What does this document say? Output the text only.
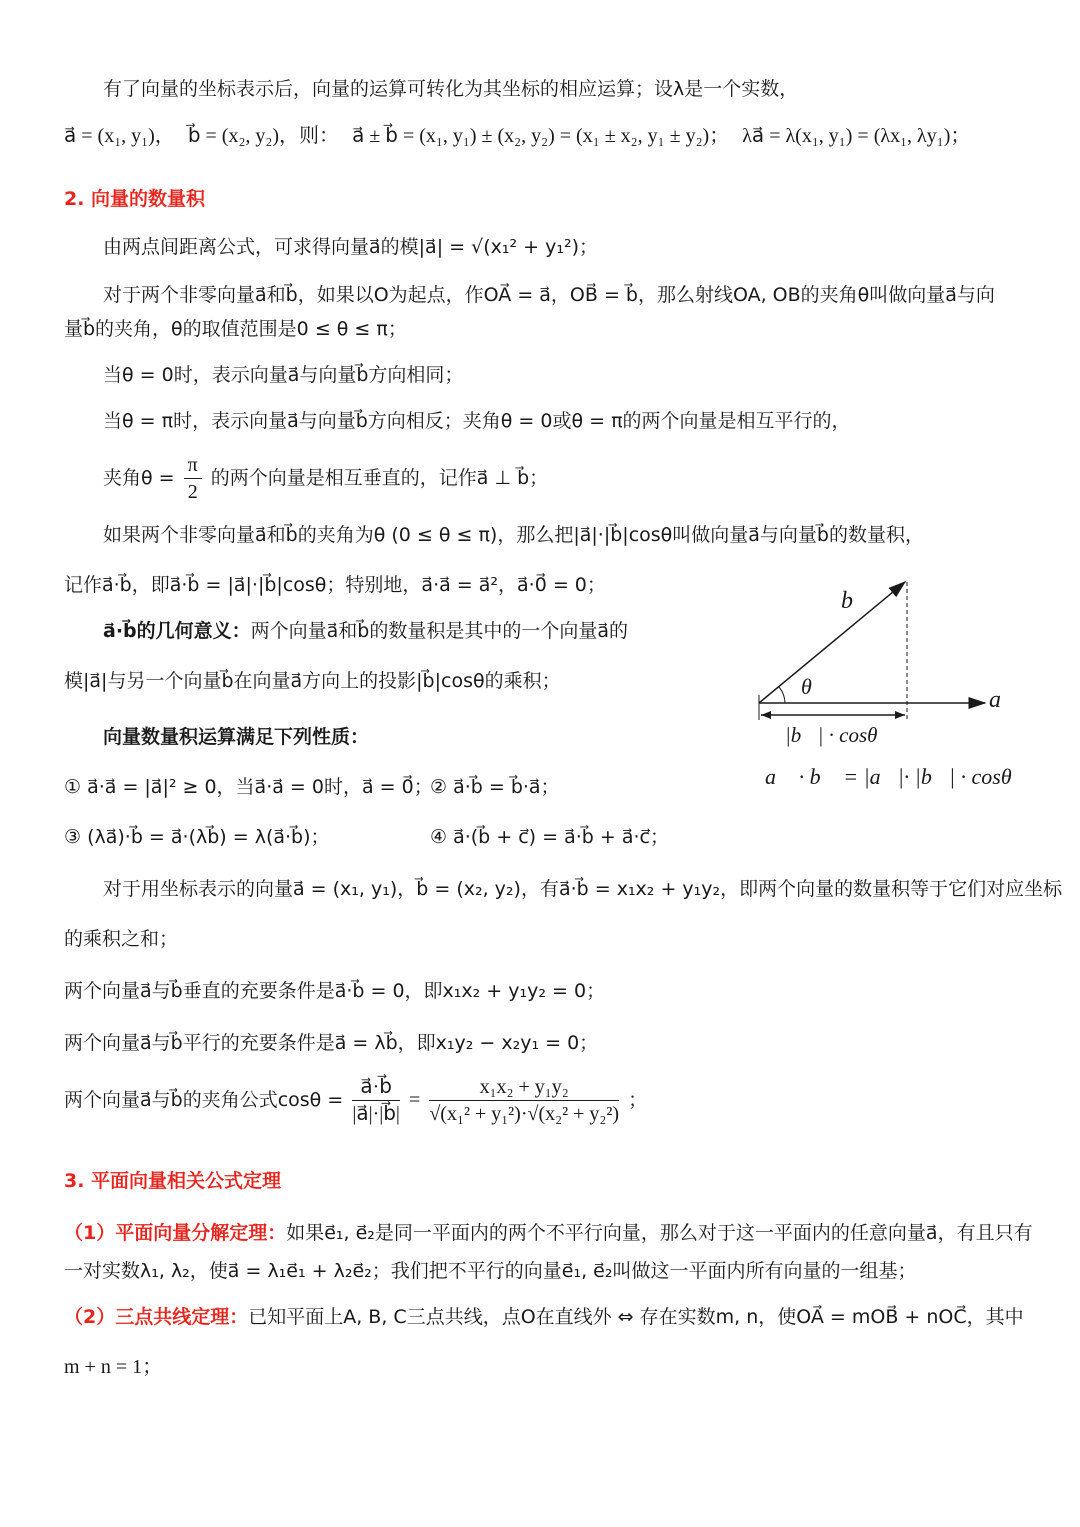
有了向量的坐标表示后，向量的运算可转化为其坐标的相应运算；设λ是一个实数，
a⃗ = (x₁, y₁)， b⃗ = (x₂, y₂)，则： a⃗ ± b⃗ = (x₁, y₁) ± (x₂, y₂) = (x₁ ± x₂, y₁ ± y₂)； λa⃗ = λ(x₁, y₁) = (λx₁, λy₁)；
2. 向量的数量积
由两点间距离公式，可求得向量a⃗的模|a⃗| = √(x₁² + y₁²)；
对于两个非零向量a⃗和b⃗，如果以O为起点，作OA⃗ = a⃗，OB⃗ = b⃗，那么射线OA, OB的夹角θ叫做向量a⃗与向
量b⃗的夹角，θ的取值范围是0 ≤ θ ≤ π；
当θ = 0时，表示向量a⃗与向量b⃗方向相同；
当θ = π时，表示向量a⃗与向量b⃗方向相反；夹角θ = 0或θ = π的两个向量是相互平行的，
夹角$\theta = \frac{\pi}{2}$ 的两个向量是相互垂直的，记作a⃗ ⊥ b⃗；
如果两个非零向量a⃗和b⃗的夹角为θ (0 ≤ θ ≤ π)，那么把|a⃗|·|b⃗|cosθ叫做向量a⃗与向量b⃗的数量积，
记作a⃗·b⃗，即a⃗·b⃗ = |a⃗|·|b⃗|cosθ；特别地，a⃗·a⃗ = a⃗²，a⃗·0⃗ = 0；
a⃗·b⃗的几何意义：两个向量a⃗和b⃗的数量积是其中的一个向量a⃗的
模|a⃗|与另一个向量b⃗在向量a⃗方向上的投影|b⃗|cosθ的乘积；
向量数量积运算满足下列性质：
① a⃗·a⃗ = |a⃗|² ≥ 0，当a⃗·a⃗ = 0时，a⃗ = 0⃗；
② a⃗·b⃗ = b⃗·a⃗；
③ (λa⃗)·b⃗ = a⃗·(λb⃗) = λ(a⃗·b⃗)；	④ a⃗·(b⃗ + c⃗) = a⃗·b⃗ + a⃗·c⃗；
对于用坐标表示的向量a⃗ = (x₁, y₁)，b⃗ = (x₂, y₂)，有a⃗·b⃗ = x₁x₂ + y₁y₂，即两个向量的数量积等于它们对应坐标
的乘积之和；
两个向量a⃗与b⃗垂直的充要条件是a⃗·b⃗ = 0，即x₁x₂ + y₁y₂ = 0；
两个向量a⃗与b⃗平行的充要条件是a⃗ = λb⃗，即x₁y₂ − x₂y₁ = 0；
两个向量a⃗与b⃗的夹角公式$\cos\theta = \frac{a⃗\cdot b⃗}{|a⃗|\cdot|b⃗|} = \frac{\text{x₁x₂ + y₁y₂}}{\text{√(x₁² + y₁²)·√(x₂² + y₂²)}}$ ；
b⃗
a⃗
θ
|b⃗| · cosθ
a⃗ · b⃗ = |a⃗|· |b⃗| · cosθ
3. 平面向量相关公式定理
（1）平面向量分解定理：如果e⃗₁, e⃗₂是同一平面内的两个不平行向量，那么对于这一平面内的任意向量a⃗，有且只有
一对实数λ₁, λ₂，使a⃗ = λ₁e⃗₁ + λ₂e⃗₂；我们把不平行的向量e⃗₁, e⃗₂叫做这一平面内所有向量的一组基；
（2）三点共线定理：已知平面上A, B, C三点共线，点O在直线外 ⇔ 存在实数m, n，使OA⃗ = mOB⃗ + nOC⃗，其中
m + n = 1；
